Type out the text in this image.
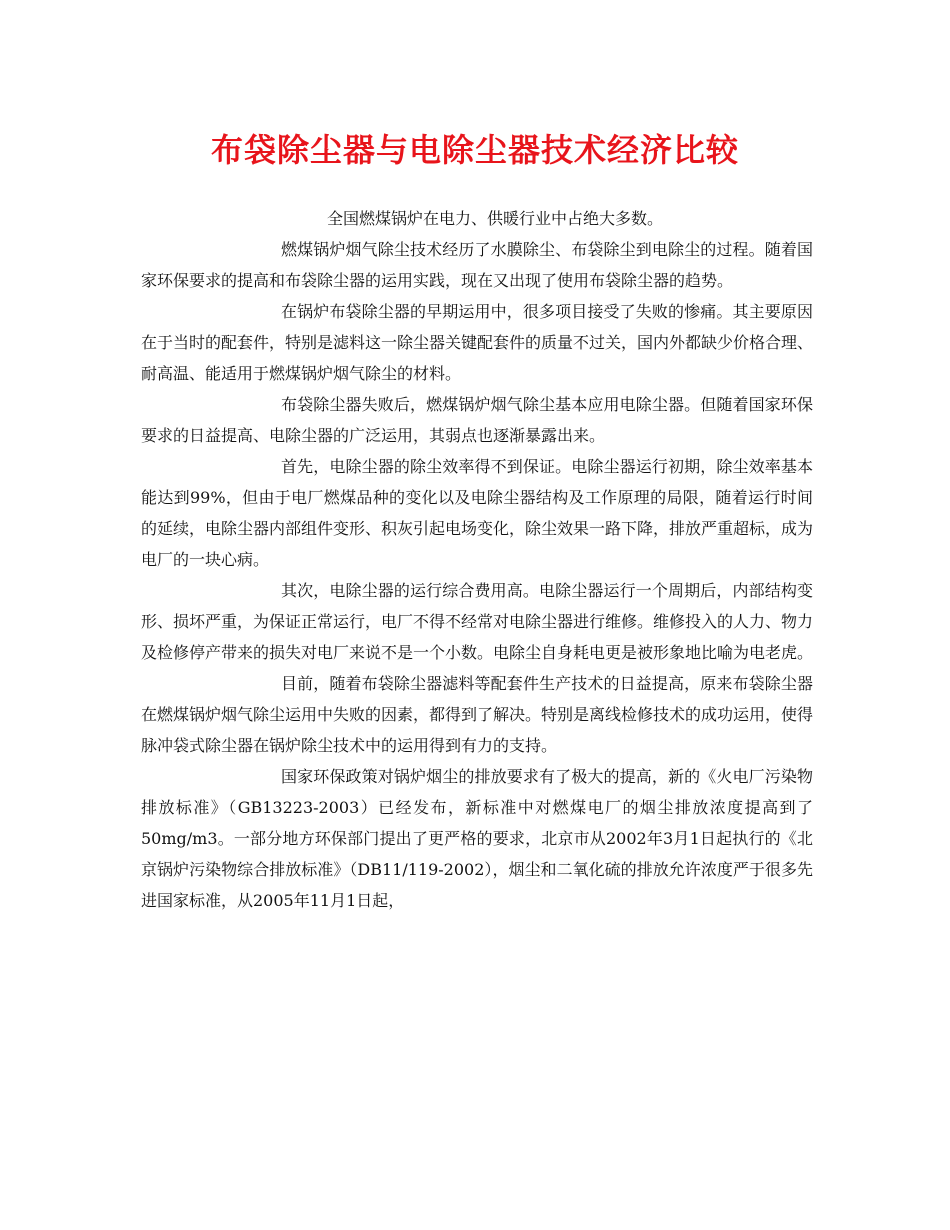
布袋除尘器与电除尘器技术经济比较

全国燃煤锅炉在电力、供暖行业中占绝大多数。

燃煤锅炉烟气除尘技术经历了水膜除尘、布袋除尘到电除尘的过程。随着国家环保要求的提高和布袋除尘器的运用实践，现在又出现了使用布袋除尘器的趋势。

在锅炉布袋除尘器的早期运用中，很多项目接受了失败的惨痛。其主要原因在于当时的配套件，特别是滤料这一除尘器关键配套件的质量不过关，国内外都缺少价格合理、耐高温、能适用于燃煤锅炉烟气除尘的材料。

布袋除尘器失败后，燃煤锅炉烟气除尘基本应用电除尘器。但随着国家环保要求的日益提高、电除尘器的广泛运用，其弱点也逐渐暴露出来。

首先，电除尘器的除尘效率得不到保证。电除尘器运行初期，除尘效率基本能达到99%，但由于电厂燃煤品种的变化以及电除尘器结构及工作原理的局限，随着运行时间的延续，电除尘器内部组件变形、积灰引起电场变化，除尘效果一路下降，排放严重超标，成为电厂的一块心病。

其次，电除尘器的运行综合费用高。电除尘器运行一个周期后，内部结构变形、损坏严重，为保证正常运行，电厂不得不经常对电除尘器进行维修。维修投入的人力、物力及检修停产带来的损失对电厂来说不是一个小数。电除尘自身耗电更是被形象地比喻为电老虎。

目前，随着布袋除尘器滤料等配套件生产技术的日益提高，原来布袋除尘器在燃煤锅炉烟气除尘运用中失败的因素，都得到了解决。特别是离线检修技术的成功运用，使得脉冲袋式除尘器在锅炉除尘技术中的运用得到有力的支持。

国家环保政策对锅炉烟尘的排放要求有了极大的提高，新的《火电厂污染物排放标准》（GB13223-2003）已经发布，新标准中对燃煤电厂的烟尘排放浓度提高到了50mg/m3。一部分地方环保部门提出了更严格的要求，北京市从2002年3月1日起执行的《北京锅炉污染物综合排放标准》（DB11/119-2002），烟尘和二氧化硫的排放允许浓度严于很多先进国家标准，从2005年11月1日起，
